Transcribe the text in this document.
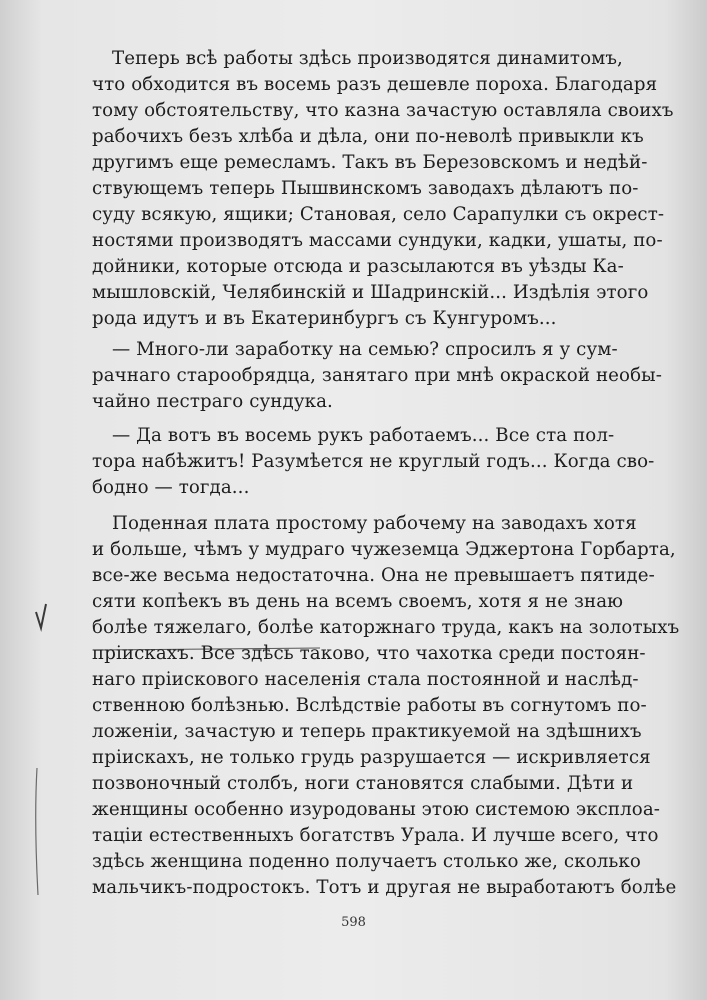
Теперь всѣ работы здѣсь производятся динамитомъ,
что обходится въ восемь разъ дешевле пороха. Благодаря
тому обстоятельству, что казна зачастую оставляла своихъ
рабочихъ безъ хлѣба и дѣла, они по-неволѣ привыкли къ
другимъ еще ремесламъ. Такъ въ Березовскомъ и недѣй-
ствующемъ теперь Пышвинскомъ заводахъ дѣлаютъ по-
суду всякую, ящики; Становая, село Сарапулки съ окрест-
ностями производятъ массами сундуки, кадки, ушаты, по-
дойники, которые отсюда и разсылаются въ уѣзды Ка-
мышловскій, Челябинскій и Шадринскій... Издѣлія этого
рода идутъ и въ Екатеринбургъ съ Кунгуромъ...
— Много-ли заработку на семью? спросилъ я у сум-
рачнаго старообрядца, занятаго при мнѣ окраской необы-
чайно пестраго сундука.
— Да вотъ въ восемь рукъ работаемъ... Все ста пол-
тора набѣжитъ! Разумѣется не круглый годъ... Когда сво-
бодно — тогда...
Поденная плата простому рабочему на заводахъ хотя
и больше, чѣмъ у мудраго чужеземца Эджертона Горбарта,
все-же весьма недостаточна. Она не превышаетъ пятиде-
сяти копѣекъ въ день на всемъ своемъ, хотя я не знаю
болѣе тяжелаго, болѣе каторжнаго труда, какъ на золотыхъ
пріискахъ. Все здѣсь таково, что чахотка среди постоян-
наго пріискового населенія стала постоянной и наслѣд-
ственною болѣзнью. Вслѣдствіе работы въ согнутомъ по-
ложеніи, зачастую и теперь практикуемой на здѣшнихъ
пріискахъ, не только грудь разрушается — искривляется
позвоночный столбъ, ноги становятся слабыми. Дѣти и
женщины особенно изуродованы этою системою эксплоа-
таціи естественныхъ богатствъ Урала. И лучше всего, что
здѣсь женщина поденно получаетъ столько же, сколько
мальчикъ-подростокъ. Тотъ и другая не выработаютъ болѣе
598
